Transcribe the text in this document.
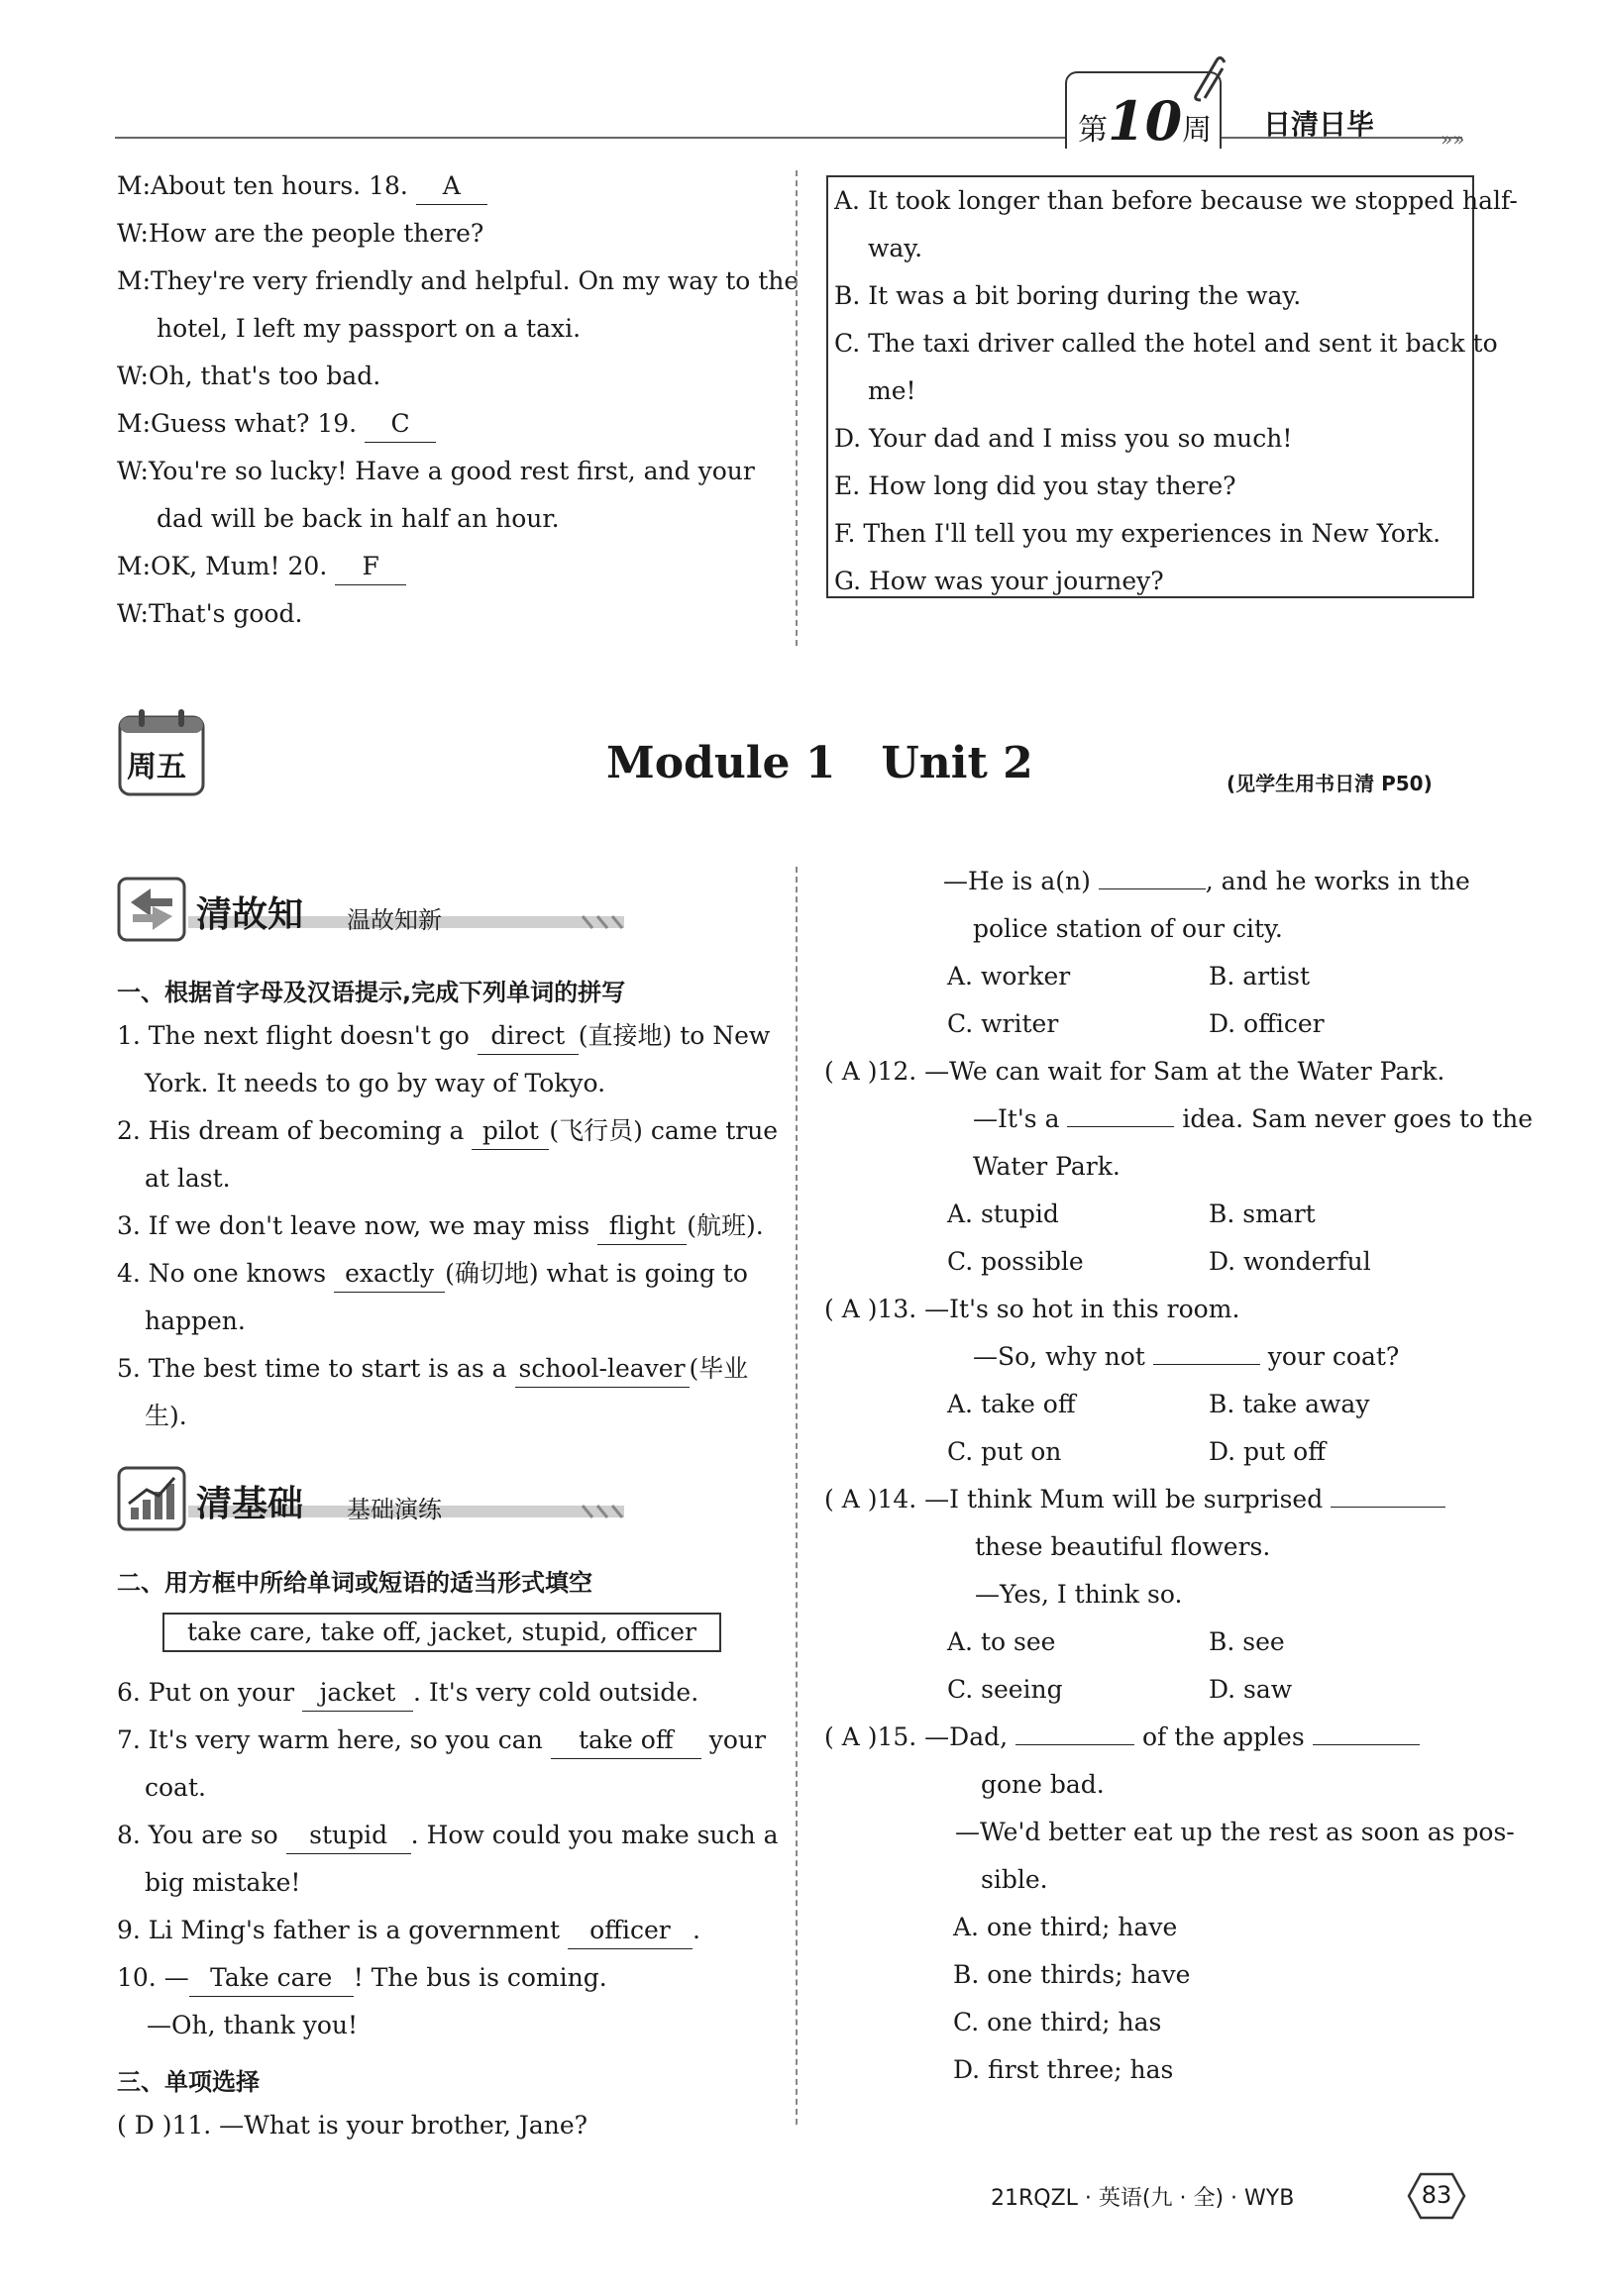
第10周 日清日毕	»»
M:About ten hours. 18. A
W:How are the people there?
M:They're very friendly and helpful. On my way to the
hotel, I left my passport on a taxi.
W:Oh, that's too bad.
M:Guess what? 19. C
W:You're so lucky! Have a good rest first, and your
dad will be back in half an hour.
M:OK, Mum! 20. F
W:That's good.
A. It took longer than before because we stopped half-
way.
B. It was a bit boring during the way.
C. The taxi driver called the hotel and sent it back to
me!
D. Your dad and I miss you so much!
E. How long did you stay there?
F. Then I'll tell you my experiences in New York.
G. How was your journey?
周五	Module 1   Unit 2	(见学生用书日清 P50)
清故知 温故知新
一、根据首字母及汉语提示,完成下列单词的拼写
1. The next flight doesn't go direct (直接地) to New
York. It needs to go by way of Tokyo.
2. His dream of becoming a pilot (飞行员) came true
at last.
3. If we don't leave now, we may miss flight (航班).
4. No one knows exactly (确切地) what is going to
happen.
5. The best time to start is as a school-leaver (毕业
生).
清基础 基础演练
二、用方框中所给单词或短语的适当形式填空
take care, take off, jacket, stupid, officer
6. Put on your jacket . It's very cold outside.
7. It's very warm here, so you can take off your
coat.
8. You are so stupid . How could you make such a
big mistake!
9. Li Ming's father is a government officer .
10. — Take care ! The bus is coming.
—Oh, thank you!
三、单项选择
( D )11. —What is your brother, Jane?
—He is a(n)	, and he works in the
police station of our city.
A. worker	B. artist
C. writer	D. officer
( A )12. —We can wait for Sam at the Water Park.
—It's a	idea. Sam never goes to the
Water Park.
A. stupid	B. smart
C. possible	D. wonderful
( A )13. —It's so hot in this room.
—So, why not	your coat?
A. take off	B. take away
C. put on	D. put off
( A )14. —I think Mum will be surprised
these beautiful flowers.
—Yes, I think so.
A. to see	B. see
C. seeing	D. saw
( A )15. —Dad,	of the apples
gone bad.
—We'd better eat up the rest as soon as pos-
sible.
A. one third; have
B. one thirds; have
C. one third; has
D. first three; has
21RQZL · 英语(九 · 全) · WYB	83
